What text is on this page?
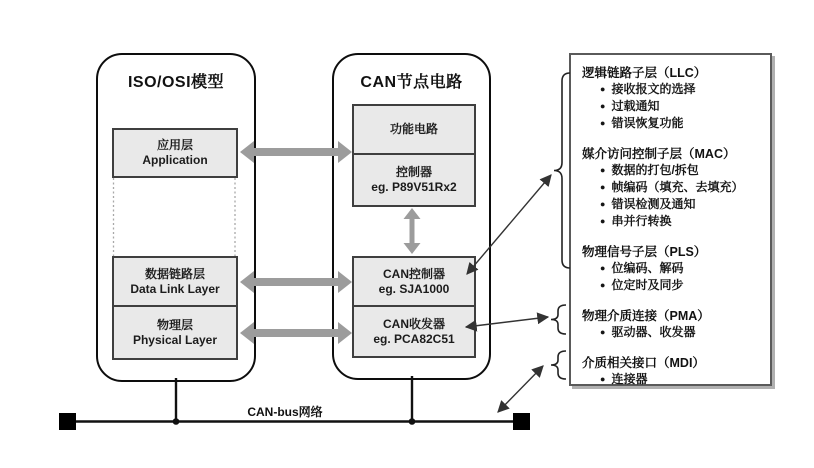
ISO/OSI模型
应用层
Application
数据链路层
Data Link Layer
物理层
Physical Layer
CAN节点电路
功能电路
控制器
eg. P89V51Rx2
CAN控制器
eg. SJA1000
CAN收发器
eg. PCA82C51
逻辑链路子层（LLC）
● 接收报文的选择
● 过载通知
● 错误恢复功能
媒介访问控制子层（MAC）
● 数据的打包/拆包
● 帧编码（填充、去填充）
● 错误检测及通知
● 串并行转换
物理信号子层（PLS）
● 位编码、解码
● 位定时及同步
物理介质连接（PMA）
● 驱动器、收发器
介质相关接口（MDI）
● 连接器
CAN-bus网络
